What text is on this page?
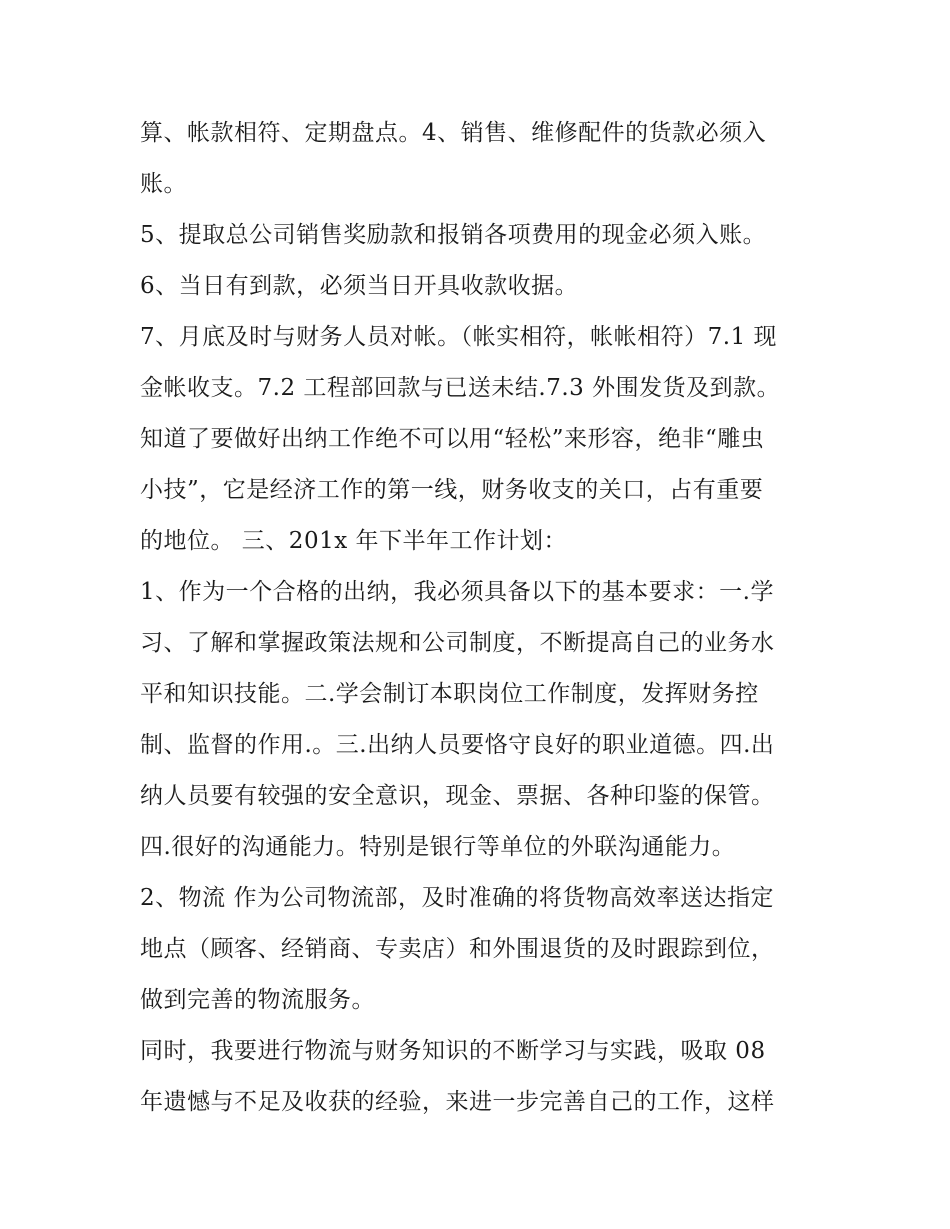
算、帐款相符、定期盘点。4、销售、维修配件的货款必须入
账。
5、提取总公司销售奖励款和报销各项费用的现金必须入账。
6、当日有到款，必须当日开具收款收据。
7、月底及时与财务人员对帐。（帐实相符，帐帐相符）7.1 现
金帐收支。7.2 工程部回款与已送未结.7.3 外围发货及到款。
知道了要做好出纳工作绝不可以用“轻松”来形容，绝非“雕虫
小技”，它是经济工作的第一线，财务收支的关口，占有重要
的地位。 三、201x 年下半年工作计划：
1、作为一个合格的出纳，我必须具备以下的基本要求：一.学
习、了解和掌握政策法规和公司制度，不断提高自己的业务水
平和知识技能。二.学会制订本职岗位工作制度，发挥财务控
制、监督的作用.。三.出纳人员要恪守良好的职业道德。四.出
纳人员要有较强的安全意识，现金、票据、各种印鉴的保管。
四.很好的沟通能力。特别是银行等单位的外联沟通能力。
2、物流 作为公司物流部，及时准确的将货物高效率送达指定
地点（顾客、经销商、专卖店）和外围退货的及时跟踪到位，
做到完善的物流服务。
同时，我要进行物流与财务知识的不断学习与实践，吸取 08
年遗憾与不足及收获的经验，来进一步完善自己的工作，这样
